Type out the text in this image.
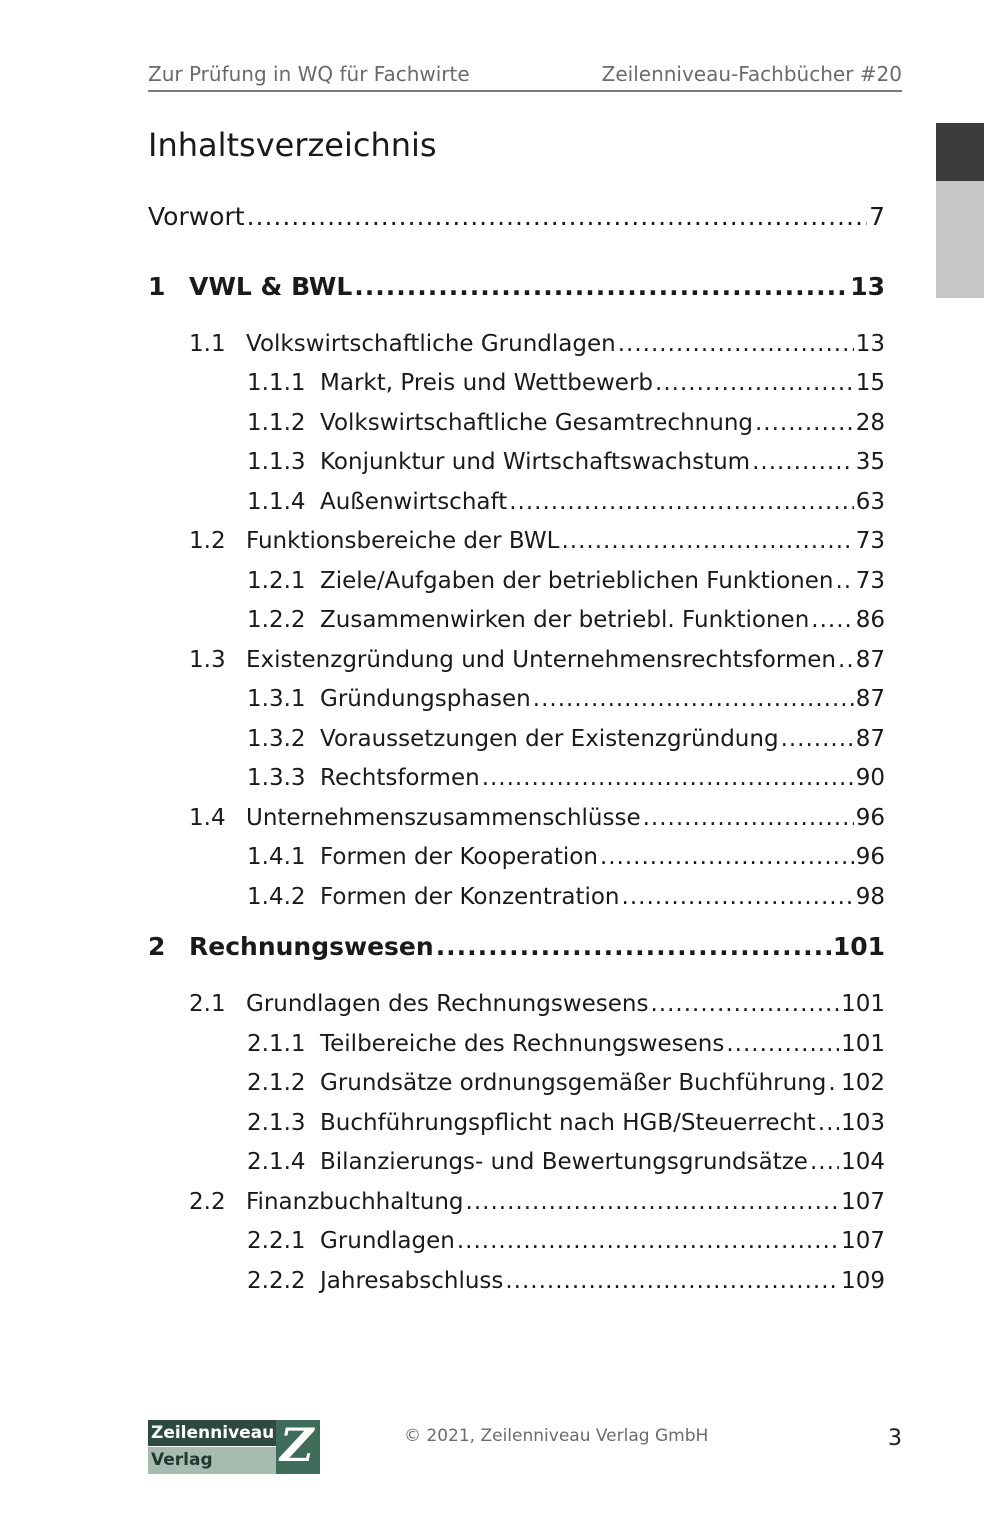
Zur Prüfung in WQ für Fachwirte	Zeilenniveau-Fachbücher #20
Inhaltsverzeichnis
Vorwort .....	7
1 VWL & BWL .....	13
1.1 Volkswirtschaftliche Grundlagen .....	13
1.1.1 Markt, Preis und Wettbewerb .....	15
1.1.2 Volkswirtschaftliche Gesamtrechnung .....	28
1.1.3 Konjunktur und Wirtschaftswachstum .....	35
1.1.4 Außenwirtschaft .....	63
1.2 Funktionsbereiche der BWL .....	73
1.2.1 Ziele/Aufgaben der betrieblichen Funktionen ..... 73
1.2.2 Zusammenwirken der betriebl. Funktionen ..... 86
1.3 Existenzgründung und Unternehmensrechtsformen ..... 87
1.3.1 Gründungsphasen .....	87
1.3.2 Voraussetzungen der Existenzgründung .....	87
1.3.3 Rechtsformen .....	90
1.4 Unternehmenszusammenschlüsse .....	96
1.4.1 Formen der Kooperation .....	96
1.4.2 Formen der Konzentration .....	98
2 Rechnungswesen .....	101
2.1 Grundlagen des Rechnungswesens .....	101
2.1.1 Teilbereiche des Rechnungswesens .....	101
2.1.2 Grundsätze ordnungsgemäßer Buchführung ..... 102
2.1.3 Buchführungspflicht nach HGB/Steuerrecht ..... 103
2.1.4 Bilanzierungs- und Bewertungsgrundsätze ..... 104
2.2 Finanzbuchhaltung .....	107
2.2.1 Grundlagen .....	107
2.2.2 Jahresabschluss .....	109
Zeilenniveau
Verlag	Z	© 2021, Zeilenniveau Verlag GmbH	3
